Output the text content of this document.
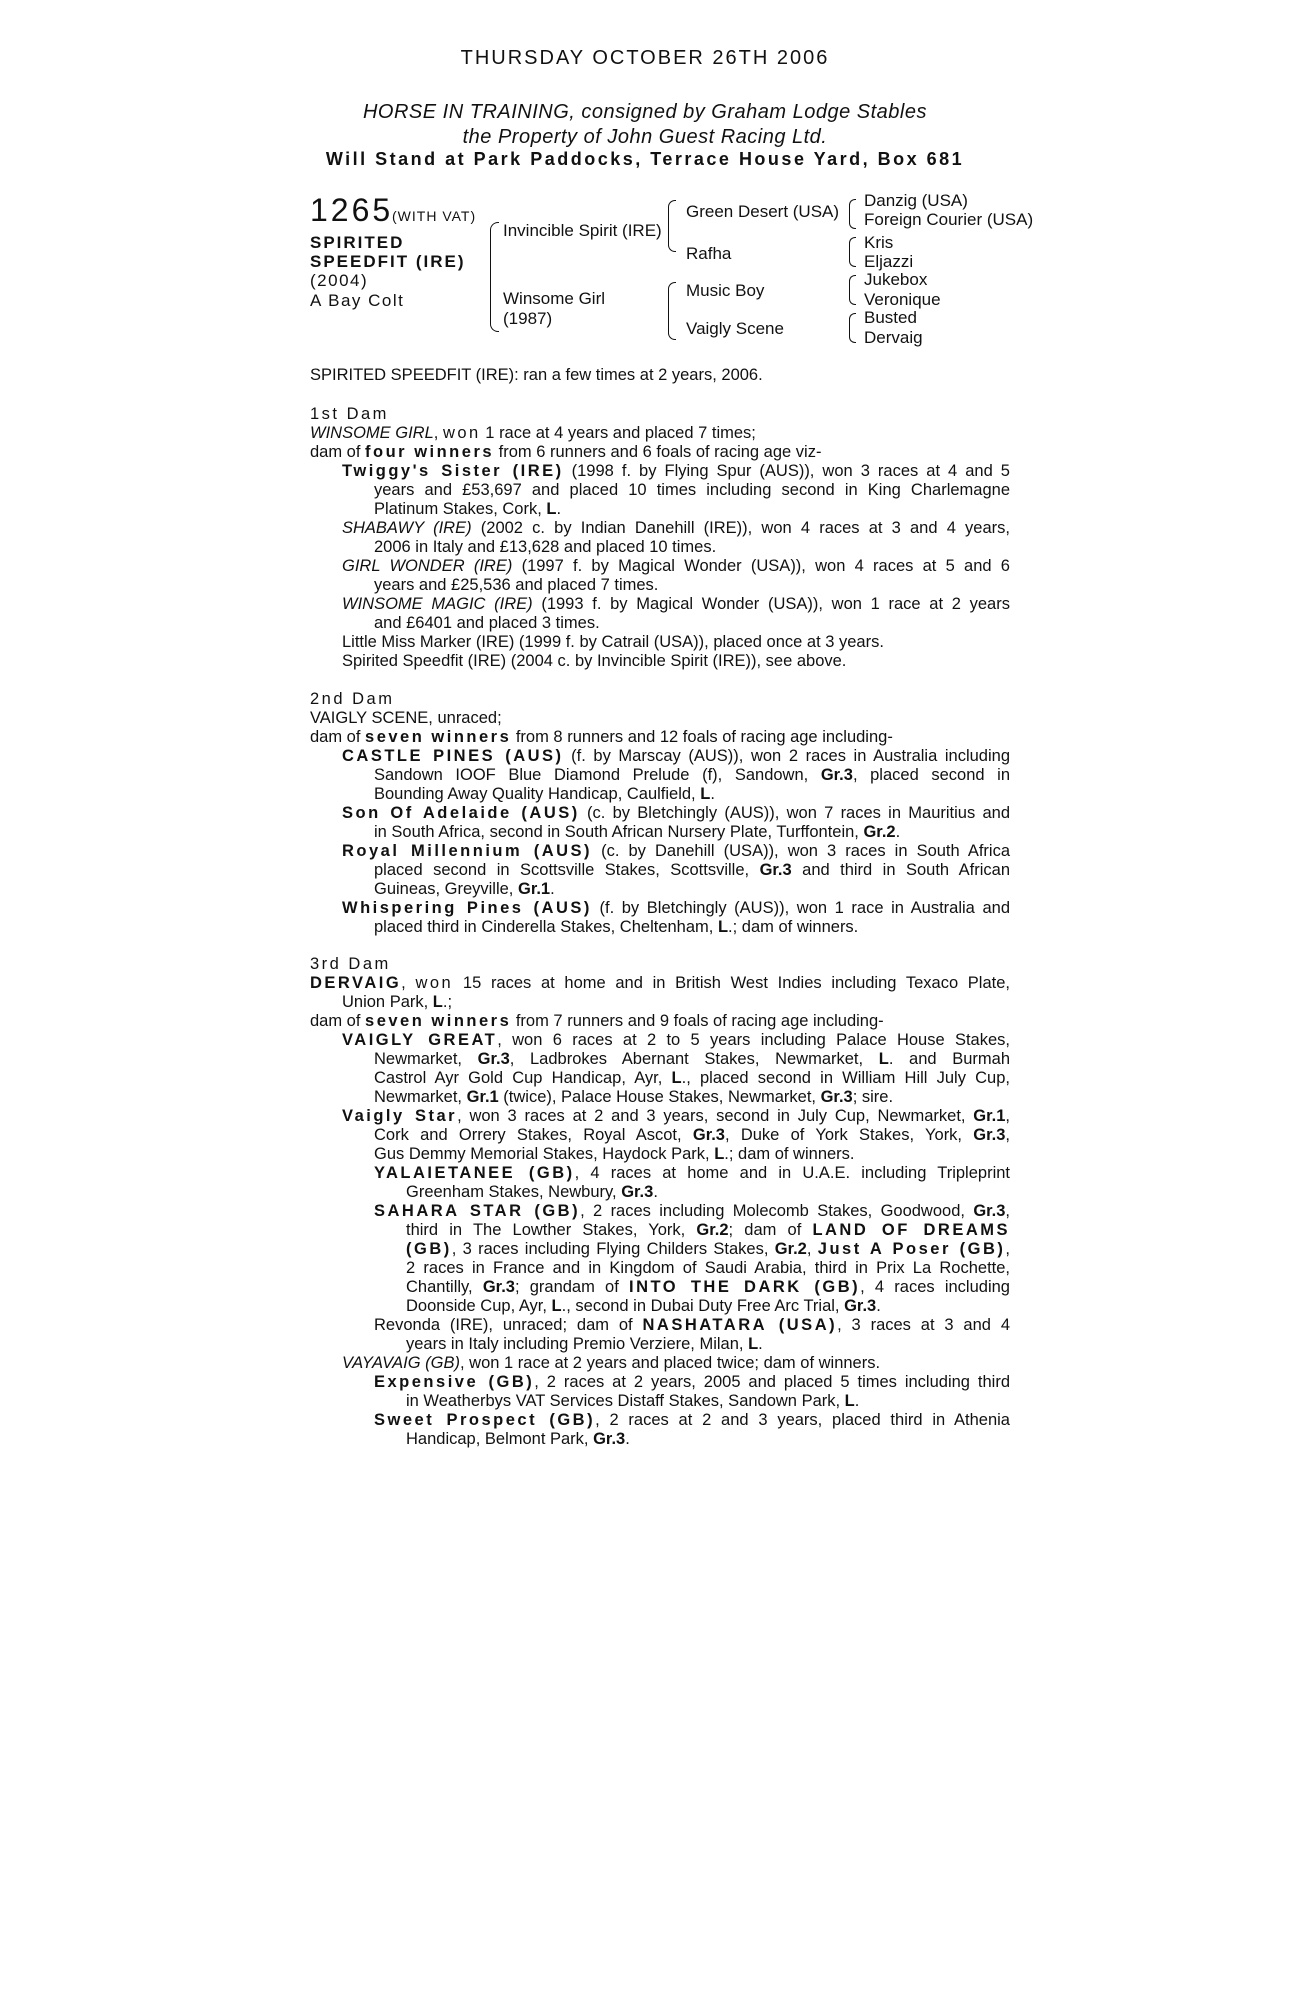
THURSDAY OCTOBER 26TH 2006
HORSE IN TRAINING, consigned by Graham Lodge Stables
the Property of John Guest Racing Ltd.
Will Stand at Park Paddocks, Terrace House Yard, Box 681
1265
(WITH VAT)
SPIRITED
SPEEDFIT (IRE)
(2004)
A Bay Colt
Invincible Spirit (IRE)
Winsome Girl
(1987)
Green Desert (USA)
Rafha
Music Boy
Vaigly Scene
Danzig (USA)
Foreign Courier (USA)
Kris
Eljazzi
Jukebox
Veronique
Busted
Dervaig
SPIRITED SPEEDFIT (IRE): ran a few times at 2 years, 2006.
1st Dam
WINSOME GIRL, won 1 race at 4 years and placed 7 times;
dam of four winners from 6 runners and 6 foals of racing age viz-
Twiggy's Sister (IRE) (1998 f. by Flying Spur (AUS)), won 3 races at 4 and 5
years and £53,697 and placed 10 times including second in King Charlemagne
Platinum Stakes, Cork, L.
SHABAWY (IRE) (2002 c. by Indian Danehill (IRE)), won 4 races at 3 and 4 years,
2006 in Italy and £13,628 and placed 10 times.
GIRL WONDER (IRE) (1997 f. by Magical Wonder (USA)), won 4 races at 5 and 6
years and £25,536 and placed 7 times.
WINSOME MAGIC (IRE) (1993 f. by Magical Wonder (USA)), won 1 race at 2 years
and £6401 and placed 3 times.
Little Miss Marker (IRE) (1999 f. by Catrail (USA)), placed once at 3 years.
Spirited Speedfit (IRE) (2004 c. by Invincible Spirit (IRE)), see above.
2nd Dam
VAIGLY SCENE, unraced;
dam of seven winners from 8 runners and 12 foals of racing age including-
CASTLE PINES (AUS) (f. by Marscay (AUS)), won 2 races in Australia including
Sandown IOOF Blue Diamond Prelude (f), Sandown, Gr.3, placed second in
Bounding Away Quality Handicap, Caulfield, L.
Son Of Adelaide (AUS) (c. by Bletchingly (AUS)), won 7 races in Mauritius and
in South Africa, second in South African Nursery Plate, Turffontein, Gr.2.
Royal Millennium (AUS) (c. by Danehill (USA)), won 3 races in South Africa
placed second in Scottsville Stakes, Scottsville, Gr.3 and third in South African
Guineas, Greyville, Gr.1.
Whispering Pines (AUS) (f. by Bletchingly (AUS)), won 1 race in Australia and
placed third in Cinderella Stakes, Cheltenham, L.; dam of winners.
3rd Dam
DERVAIG, won 15 races at home and in British West Indies including Texaco Plate,
Union Park, L.;
dam of seven winners from 7 runners and 9 foals of racing age including-
VAIGLY GREAT, won 6 races at 2 to 5 years including Palace House Stakes,
Newmarket, Gr.3, Ladbrokes Abernant Stakes, Newmarket, L. and Burmah
Castrol Ayr Gold Cup Handicap, Ayr, L., placed second in William Hill July Cup,
Newmarket, Gr.1 (twice), Palace House Stakes, Newmarket, Gr.3; sire.
Vaigly Star, won 3 races at 2 and 3 years, second in July Cup, Newmarket, Gr.1,
Cork and Orrery Stakes, Royal Ascot, Gr.3, Duke of York Stakes, York, Gr.3,
Gus Demmy Memorial Stakes, Haydock Park, L.; dam of winners.
YALAIETANEE (GB), 4 races at home and in U.A.E. including Tripleprint
Greenham Stakes, Newbury, Gr.3.
SAHARA STAR (GB), 2 races including Molecomb Stakes, Goodwood, Gr.3,
third in The Lowther Stakes, York, Gr.2; dam of LAND OF DREAMS
(GB), 3 races including Flying Childers Stakes, Gr.2, Just A Poser (GB),
2 races in France and in Kingdom of Saudi Arabia, third in Prix La Rochette,
Chantilly, Gr.3; grandam of INTO THE DARK (GB), 4 races including
Doonside Cup, Ayr, L., second in Dubai Duty Free Arc Trial, Gr.3.
Revonda (IRE), unraced; dam of NASHATARA (USA), 3 races at 3 and 4
years in Italy including Premio Verziere, Milan, L.
VAYAVAIG (GB), won 1 race at 2 years and placed twice; dam of winners.
Expensive (GB), 2 races at 2 years, 2005 and placed 5 times including third
in Weatherbys VAT Services Distaff Stakes, Sandown Park, L.
Sweet Prospect (GB), 2 races at 2 and 3 years, placed third in Athenia
Handicap, Belmont Park, Gr.3.
